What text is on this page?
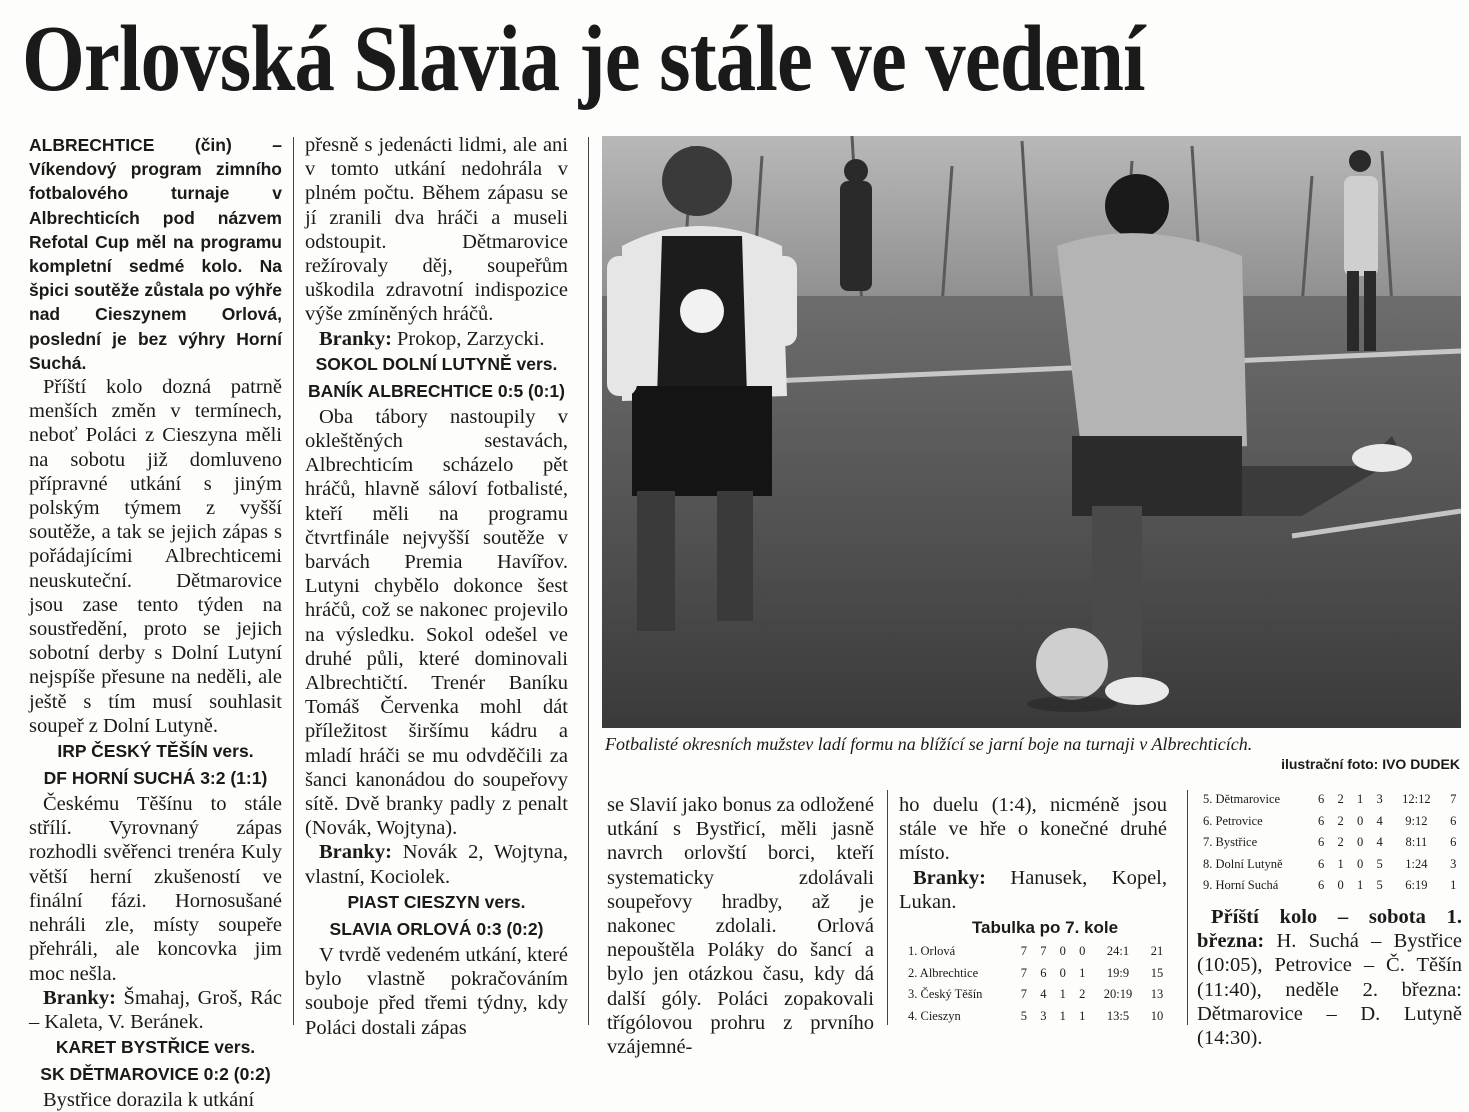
Orlovská Slavia je stále ve vedení
ALBRECHTICE (čin) – Víkendový program zimního fotbalového turnaje v Albrechticích pod názvem Refotal Cup měl na programu kompletní sedmé kolo. Na špici soutěže zůstala po výhře nad Cieszynem Orlová, poslední je bez výhry Horní Suchá.

Příští kolo dozná patrně menších změn v termínech, neboť Poláci z Cieszyna měli na sobotu již domluveno přípravné utkání s jiným polským týmem z vyšší soutěže, a tak se jejich zápas s pořádajícími Albrechticemi neuskuteční. Dětmarovice jsou zase tento týden na soustředění, proto se jejich sobotní derby s Dolní Lutyní nejspíše přesune na neděli, ale ještě s tím musí souhlasit soupeř z Dolní Lutyně.

IRP ČESKÝ TĚŠÍN vers.
DF HORNÍ SUCHÁ 3:2 (1:1)

Českému Těšínu to stále střílí. Vyrovnaný zápas rozhodli svěřenci trenéra Kuly větší herní zkušeností ve finální fázi. Hornosušané nehráli zle, místy soupeře přehráli, ale koncovka jim moc nešla.

Branky: Šmahaj, Groš, Rác – Kaleta, V. Beránek.

KARET BYSTŘICE vers.
SK DĚTMAROVICE 0:2 (0:2)

Bystřice dorazila k utkání

přesně s jedenácti lidmi, ale ani v tomto utkání nedohrála v plném počtu. Během zápasu se jí zranili dva hráči a museli odstoupit. Dětmarovice režírovaly děj, soupeřům uškodila zdravotní indispozice výše zmíněných hráčů.

Branky: Prokop, Zarzycki.

SOKOL DOLNÍ LUTYNĚ vers.
BANÍK ALBRECHTICE 0:5 (0:1)

Oba tábory nastoupily v okleštěných sestavách, Albrechticím scházelo pět hráčů, hlavně sáloví fotbalisté, kteří měli na programu čtvrtfinále nejvyšší soutěže v barvách Premia Havířov. Lutyni chybělo dokonce šest hráčů, což se nakonec projevilo na výsledku. Sokol odešel ve druhé půli, které dominovali Albrechtičtí. Trenér Baníku Tomáš Červenka mohl dát příležitost širšímu kádru a mladí hráči se mu odvděčili za šanci kanonádou do soupeřovy sítě. Dvě branky padly z penalt (Novák, Wojtyna).

Branky: Novák 2, Wojtyna, vlastní, Kociolek.

PIAST CIESZYN vers.
SLAVIA ORLOVÁ 0:3 (0:2)

V tvrdě vedeném utkání, které bylo vlastně pokračováním souboje před třemi týdny, kdy Poláci dostali zápas

Fotbalisté okresních mužstev ladí formu na blížící se jarní boje na turnaji v Albrechticích.
ilustrační foto: IVO DUDEK

se Slavií jako bonus za odložené utkání s Bystřicí, měli jasně navrch orlovští borci, kteří systematicky zdolávali soupeřovy hradby, až je nakonec zdolali. Orlová nepouštěla Poláky do šancí a bylo jen otázkou času, kdy dá další góly. Poláci zopakovali třígólovou prohru z prvního vzájemné-

ho duelu (1:4), nicméně jsou stále ve hře o konečné druhé místo.

Branky: Hanusek, Kopel, Lukan.

Tabulka po 7. kole
1. Orlová	7	7	0	0	24:1	21
2. Albrechtice	7	6	0	1	19:9	15
3. Český Těšín	7	4	1	2	20:19	13
4. Cieszyn	5	3	1	1	13:5	10
5. Dětmarovice	6	2	1	3	12:12	7
6. Petrovice	6	2	0	4	9:12	6
7. Bystřice	6	2	0	4	8:11	6
8. Dolní Lutyně	6	1	0	5	1:24	3
9. Horní Suchá	6	0	1	5	6:19	1

Příští kolo – sobota 1. března: H. Suchá – Bystřice (10:05), Petrovice – Č. Těšín (11:40), neděle 2. března: Dětmarovice – D. Lutyně (14:30).
